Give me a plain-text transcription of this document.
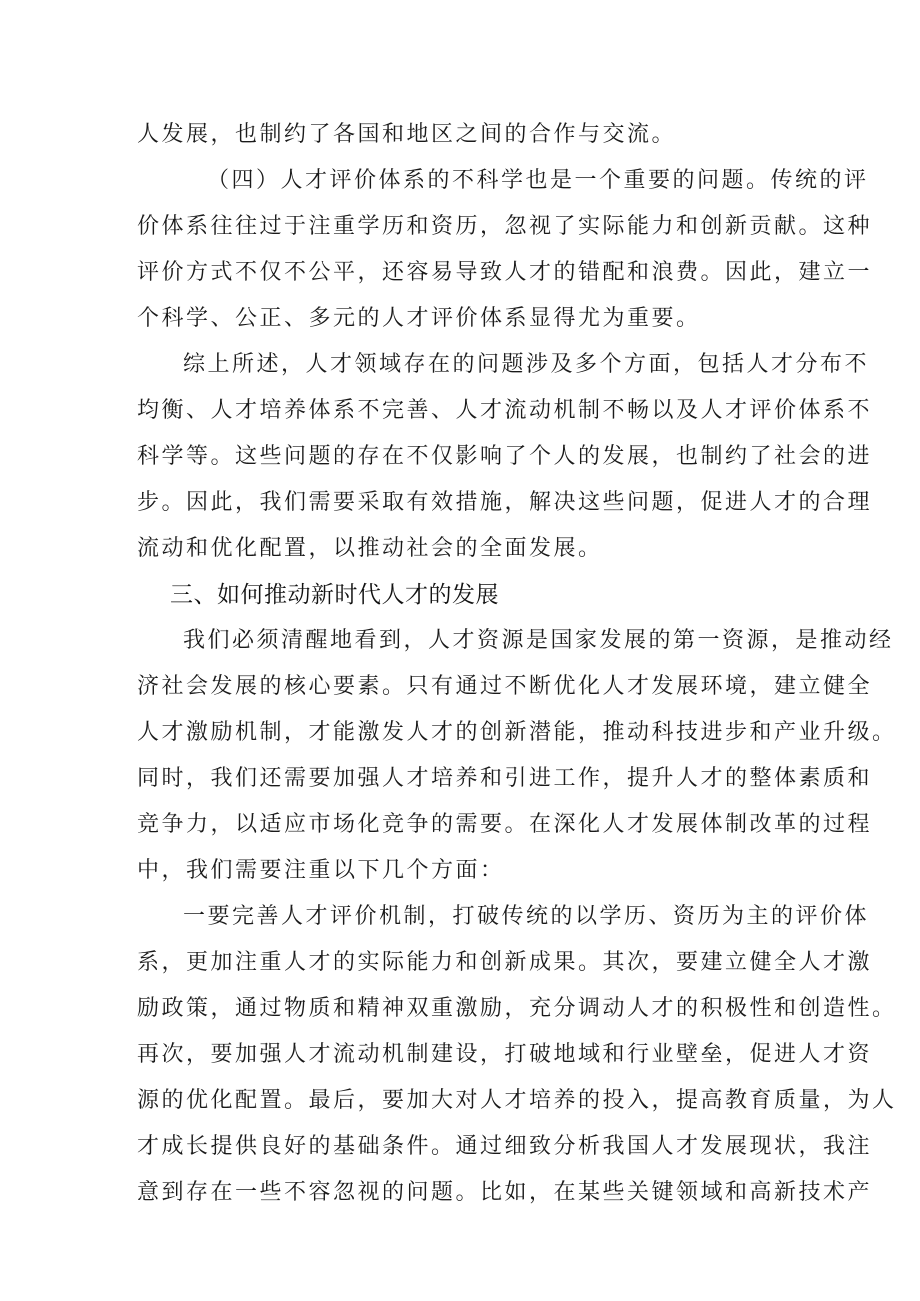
人发展，也制约了各国和地区之间的合作与交流。
（四）人才评价体系的不科学也是一个重要的问题。传统的评
价体系往往过于注重学历和资历，忽视了实际能力和创新贡献。这种
评价方式不仅不公平，还容易导致人才的错配和浪费。因此，建立一
个科学、公正、多元的人才评价体系显得尤为重要。
综上所述，人才领域存在的问题涉及多个方面，包括人才分布不
均衡、人才培养体系不完善、人才流动机制不畅以及人才评价体系不
科学等。这些问题的存在不仅影响了个人的发展，也制约了社会的进
步。因此，我们需要采取有效措施，解决这些问题，促进人才的合理
流动和优化配置，以推动社会的全面发展。
三、如何推动新时代人才的发展
我们必须清醒地看到，人才资源是国家发展的第一资源，是推动经
济社会发展的核心要素。只有通过不断优化人才发展环境，建立健全
人才激励机制，才能激发人才的创新潜能，推动科技进步和产业升级。
同时，我们还需要加强人才培养和引进工作，提升人才的整体素质和
竞争力，以适应市场化竞争的需要。在深化人才发展体制改革的过程
中，我们需要注重以下几个方面：
一要完善人才评价机制，打破传统的以学历、资历为主的评价体
系，更加注重人才的实际能力和创新成果。其次，要建立健全人才激
励政策，通过物质和精神双重激励，充分调动人才的积极性和创造性。
再次，要加强人才流动机制建设，打破地域和行业壁垒，促进人才资
源的优化配置。最后，要加大对人才培养的投入，提高教育质量，为人
才成长提供良好的基础条件。通过细致分析我国人才发展现状，我注
意到存在一些不容忽视的问题。比如，在某些关键领域和高新技术产
